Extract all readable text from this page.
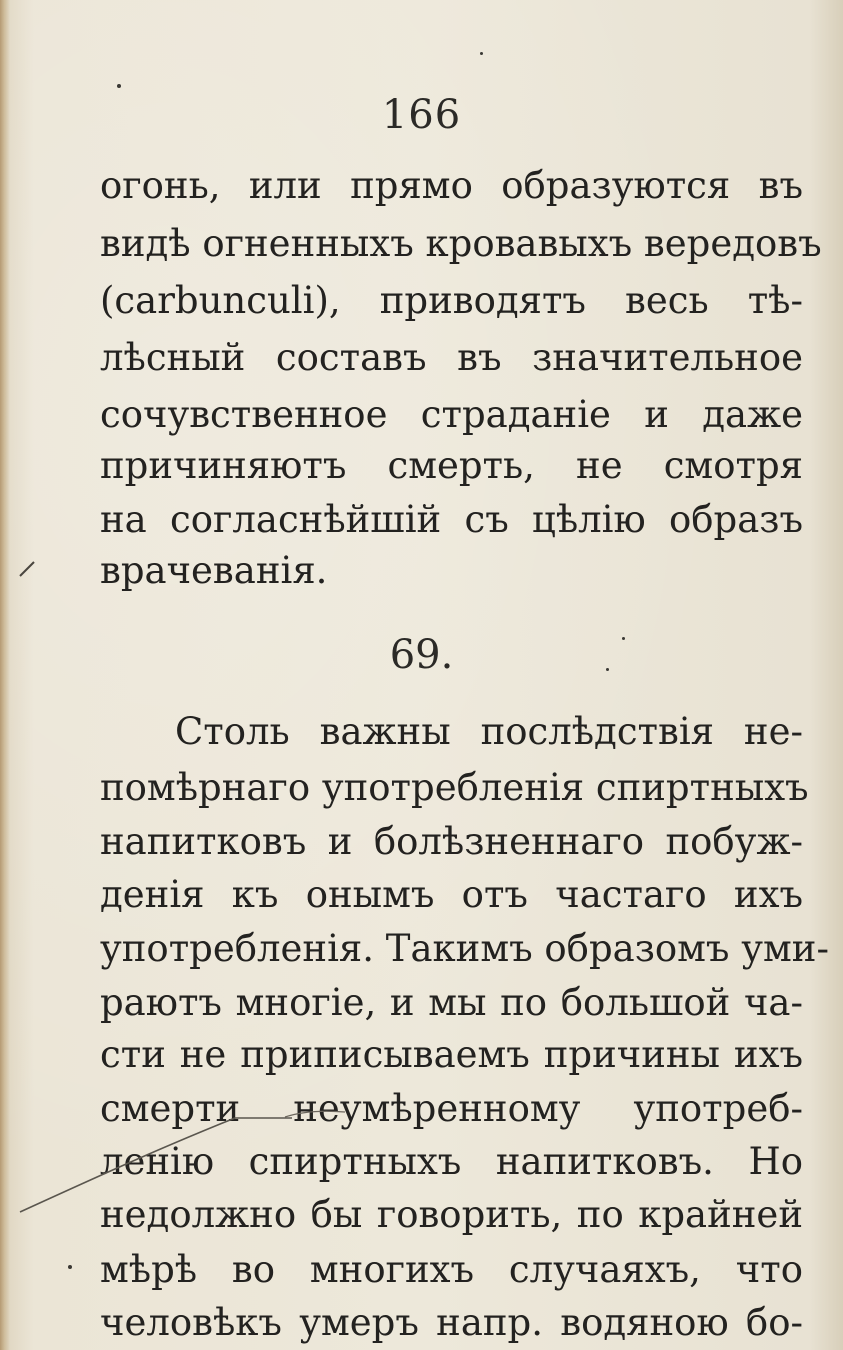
166
огонь, или прямо образуются въ
видѣ огненныхъ кровавыхъ вередовъ
(carbunculi), приводятъ весь тѣ-
лѣсный составъ въ значительное
сочувственное страданіе и даже
причиняютъ смерть, не смотря
на согласнѣйшій съ цѣлію образъ
врачеванія.
69.
Столь важны послѣдствія не-
помѣрнаго употребленія спиртныхъ
напитковъ и болѣзненнаго побуж-
денія къ онымъ отъ частаго ихъ
употребленія. Такимъ образомъ уми-
раютъ многіе, и мы по большой ча-
сти не приписываемъ причины ихъ
смерти неумѣренному употреб-
ленію спиртныхъ напитковъ. Но
недолжно бы говорить, по крайней
мѣрѣ во многихъ случаяхъ, что
человѣкъ умеръ напр. водяною бо-
